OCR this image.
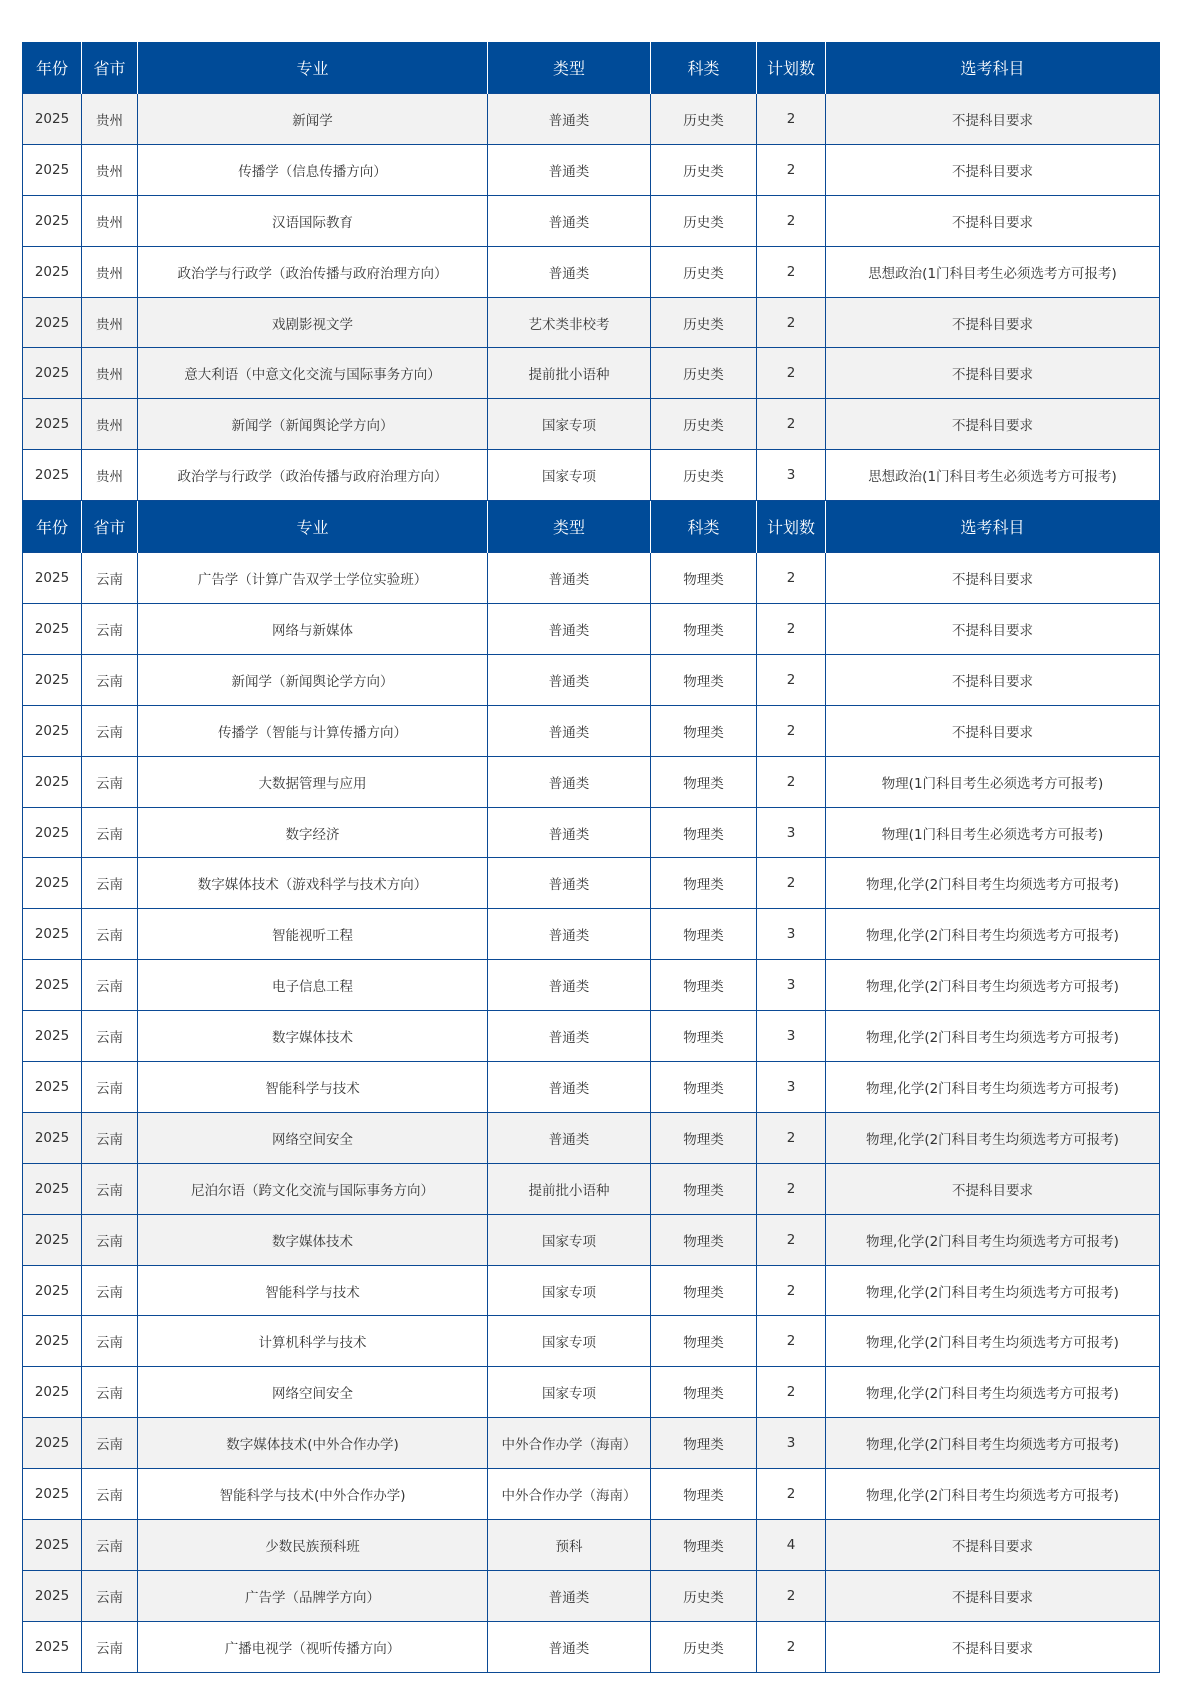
年份	省市	专业	类型	科类	计划数	选考科目
2025	贵州	新闻学	普通类	历史类	2	不提科目要求
2025	贵州	传播学（信息传播方向）	普通类	历史类	2	不提科目要求
2025	贵州	汉语国际教育	普通类	历史类	2	不提科目要求
2025	贵州	政治学与行政学（政治传播与政府治理方向）	普通类	历史类	2	思想政治(1门科目考生必须选考方可报考)
2025	贵州	戏剧影视文学	艺术类非校考	历史类	2	不提科目要求
2025	贵州	意大利语（中意文化交流与国际事务方向）	提前批小语种	历史类	2	不提科目要求
2025	贵州	新闻学（新闻舆论学方向）	国家专项	历史类	2	不提科目要求
2025	贵州	政治学与行政学（政治传播与政府治理方向）	国家专项	历史类	3	思想政治(1门科目考生必须选考方可报考)
年份	省市	专业	类型	科类	计划数	选考科目
2025	云南	广告学（计算广告双学士学位实验班）	普通类	物理类	2	不提科目要求
2025	云南	网络与新媒体	普通类	物理类	2	不提科目要求
2025	云南	新闻学（新闻舆论学方向）	普通类	物理类	2	不提科目要求
2025	云南	传播学（智能与计算传播方向）	普通类	物理类	2	不提科目要求
2025	云南	大数据管理与应用	普通类	物理类	2	物理(1门科目考生必须选考方可报考)
2025	云南	数字经济	普通类	物理类	3	物理(1门科目考生必须选考方可报考)
2025	云南	数字媒体技术（游戏科学与技术方向）	普通类	物理类	2	物理,化学(2门科目考生均须选考方可报考)
2025	云南	智能视听工程	普通类	物理类	3	物理,化学(2门科目考生均须选考方可报考)
2025	云南	电子信息工程	普通类	物理类	3	物理,化学(2门科目考生均须选考方可报考)
2025	云南	数字媒体技术	普通类	物理类	3	物理,化学(2门科目考生均须选考方可报考)
2025	云南	智能科学与技术	普通类	物理类	3	物理,化学(2门科目考生均须选考方可报考)
2025	云南	网络空间安全	普通类	物理类	2	物理,化学(2门科目考生均须选考方可报考)
2025	云南	尼泊尔语（跨文化交流与国际事务方向）	提前批小语种	物理类	2	不提科目要求
2025	云南	数字媒体技术	国家专项	物理类	2	物理,化学(2门科目考生均须选考方可报考)
2025	云南	智能科学与技术	国家专项	物理类	2	物理,化学(2门科目考生均须选考方可报考)
2025	云南	计算机科学与技术	国家专项	物理类	2	物理,化学(2门科目考生均须选考方可报考)
2025	云南	网络空间安全	国家专项	物理类	2	物理,化学(2门科目考生均须选考方可报考)
2025	云南	数字媒体技术(中外合作办学)	中外合作办学（海南）	物理类	3	物理,化学(2门科目考生均须选考方可报考)
2025	云南	智能科学与技术(中外合作办学)	中外合作办学（海南）	物理类	2	物理,化学(2门科目考生均须选考方可报考)
2025	云南	少数民族预科班	预科	物理类	4	不提科目要求
2025	云南	广告学（品牌学方向）	普通类	历史类	2	不提科目要求
2025	云南	广播电视学（视听传播方向）	普通类	历史类	2	不提科目要求
